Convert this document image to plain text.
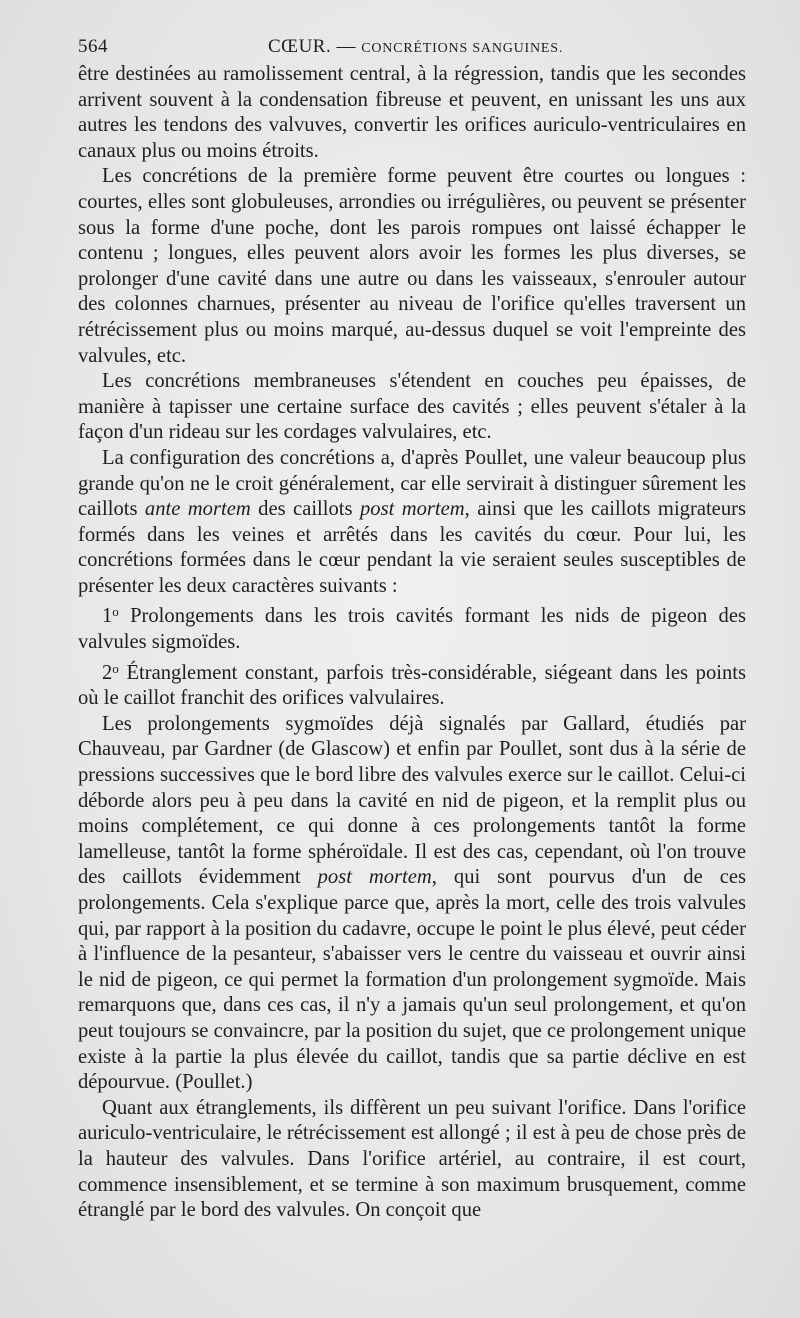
564	CŒUR. — CONCRÉTIONS SANGUINES.

être destinées au ramolissement central, à la régression, tandis que les secondes arrivent souvent à la condensation fibreuse et peuvent, en unissant les uns aux autres les tendons des valvuves, convertir les orifices auriculo-ventriculaires en canaux plus ou moins étroits.

Les concrétions de la première forme peuvent être courtes ou longues : courtes, elles sont globuleuses, arrondies ou irrégulières, ou peuvent se présenter sous la forme d'une poche, dont les parois rompues ont laissé échapper le contenu ; longues, elles peuvent alors avoir les formes les plus diverses, se prolonger d'une cavité dans une autre ou dans les vaisseaux, s'enrouler autour des colonnes charnues, présenter au niveau de l'orifice qu'elles traversent un rétrécissement plus ou moins marqué, au-dessus duquel se voit l'empreinte des valvules, etc.

Les concrétions membraneuses s'étendent en couches peu épaisses, de manière à tapisser une certaine surface des cavités ; elles peuvent s'étaler à la façon d'un rideau sur les cordages valvulaires, etc.

La configuration des concrétions a, d'après Poullet, une valeur beaucoup plus grande qu'on ne le croit généralement, car elle servirait à distinguer sûrement les caillots ante mortem des caillots post mortem, ainsi que les caillots migrateurs formés dans les veines et arrêtés dans les cavités du cœur. Pour lui, les concrétions formées dans le cœur pendant la vie seraient seules susceptibles de présenter les deux caractères suivants :

1$^o$ Prolongements dans les trois cavités formant les nids de pigeon des valvules sigmoïdes.

2$^o$ Étranglement constant, parfois très-considérable, siégeant dans les points où le caillot franchit des orifices valvulaires.

Les prolongements sygmoïdes déjà signalés par Gallard, étudiés par Chauveau, par Gardner (de Glascow) et enfin par Poullet, sont dus à la série de pressions successives que le bord libre des valvules exerce sur le caillot. Celui-ci déborde alors peu à peu dans la cavité en nid de pigeon, et la remplit plus ou moins complétement, ce qui donne à ces prolongements tantôt la forme lamelleuse, tantôt la forme sphéroïdale. Il est des cas, cependant, où l'on trouve des caillots évidemment post mortem, qui sont pourvus d'un de ces prolongements. Cela s'explique parce que, après la mort, celle des trois valvules qui, par rapport à la position du cadavre, occupe le point le plus élevé, peut céder à l'influence de la pesanteur, s'abaisser vers le centre du vaisseau et ouvrir ainsi le nid de pigeon, ce qui permet la formation d'un prolongement sygmoïde. Mais remarquons que, dans ces cas, il n'y a jamais qu'un seul prolongement, et qu'on peut toujours se convaincre, par la position du sujet, que ce prolongement unique existe à la partie la plus élevée du caillot, tandis que sa partie déclive en est dépourvue. (Poullet.)

Quant aux étranglements, ils diffèrent un peu suivant l'orifice. Dans l'orifice auriculo-ventriculaire, le rétrécissement est allongé ; il est à peu de chose près de la hauteur des valvules. Dans l'orifice artériel, au contraire, il est court, commence insensiblement, et se termine à son maximum brusquement, comme étranglé par le bord des valvules. On conçoit que
